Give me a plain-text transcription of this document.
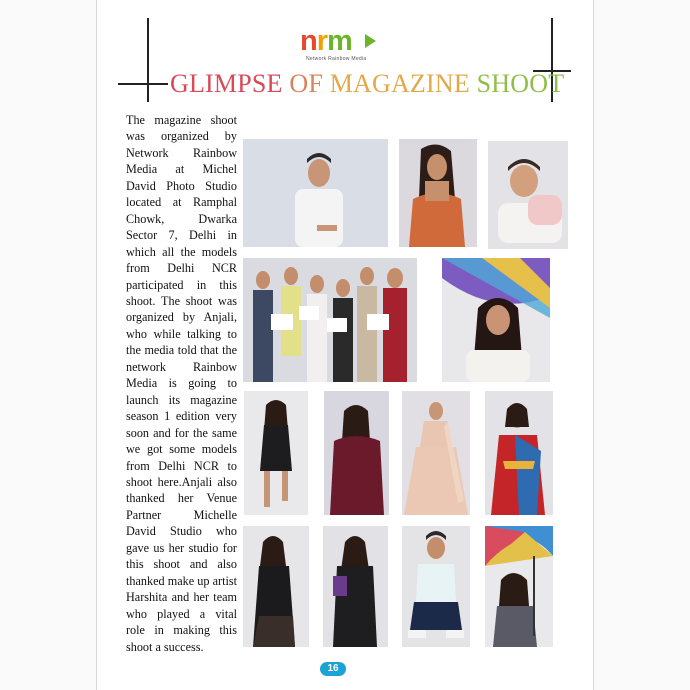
nrm
Network Rainbow Media
GLIMPSE OF MAGAZINE SHOOT
The magazine shoot was organized by Network Rainbow Media at Michel David Photo Studio located at Ramphal Chowk, Dwarka Sector 7, Delhi in which all the models from Delhi NCR participated in this shoot. The shoot was organized by Anjali, who while talking to the media told that the network Rainbow Media is going to launch its magazine season 1 edition very soon and for the same we got some models from Delhi NCR to shoot here.Anjali also thanked her Venue Partner Michelle David Studio who gave us her studio for this shoot and also thanked make up artist Harshita and her team who played a vital role in making this shoot a success.
16
